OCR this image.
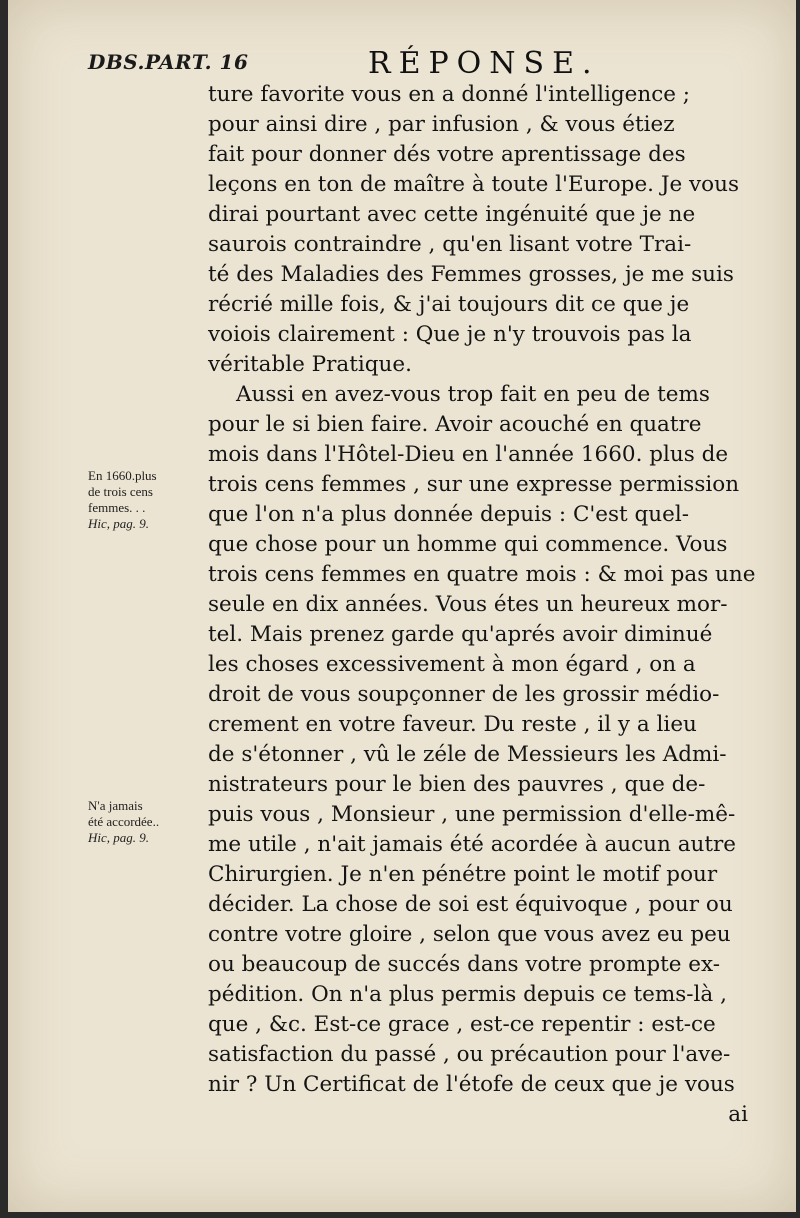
DBS.PART. 16	RÉPONSE.
En 1660.plus
de trois cens
femmes. . .
Hic, pag. 9.
N'a jamais
été accordée..
Hic, pag. 9.
ture favorite vous en a donné l'intelligence ;
pour ainsi dire , par infusion , & vous étiez
fait pour donner dés votre aprentissage des
leçons en ton de maître à toute l'Europe. Je vous
dirai pourtant avec cette ingénuité que je ne
saurois contraindre , qu'en lisant votre Trai-
té des Maladies des Femmes grosses, je me suis
récrié mille fois, & j'ai toujours dit ce que je
voiois clairement : Que je n'y trouvois pas la
véritable Pratique.
Aussi en avez-vous trop fait en peu de tems
pour le si bien faire. Avoir acouché en quatre
mois dans l'Hôtel-Dieu en l'année 1660. plus de
trois cens femmes , sur une expresse permission
que l'on n'a plus donnée depuis : C'est quel-
que chose pour un homme qui commence. Vous
trois cens femmes en quatre mois : & moi pas une
seule en dix années. Vous étes un heureux mor-
tel. Mais prenez garde qu'aprés avoir diminué
les choses excessivement à mon égard , on a
droit de vous soupçonner de les grossir médio-
crement en votre faveur. Du reste , il y a lieu
de s'étonner , vû le zéle de Messieurs les Admi-
nistrateurs pour le bien des pauvres , que de-
puis vous , Monsieur , une permission d'elle-mê-
me utile , n'ait jamais été acordée à aucun autre
Chirurgien. Je n'en pénétre point le motif pour
décider. La chose de soi est équivoque , pour ou
contre votre gloire , selon que vous avez eu peu
ou beaucoup de succés dans votre prompte ex-
pédition. On n'a plus permis depuis ce tems-là ,
que , &c. Est-ce grace , est-ce repentir : est-ce
satisfaction du passé , ou précaution pour l'ave-
nir ? Un Certificat de l'étofe de ceux que je vous
ai
